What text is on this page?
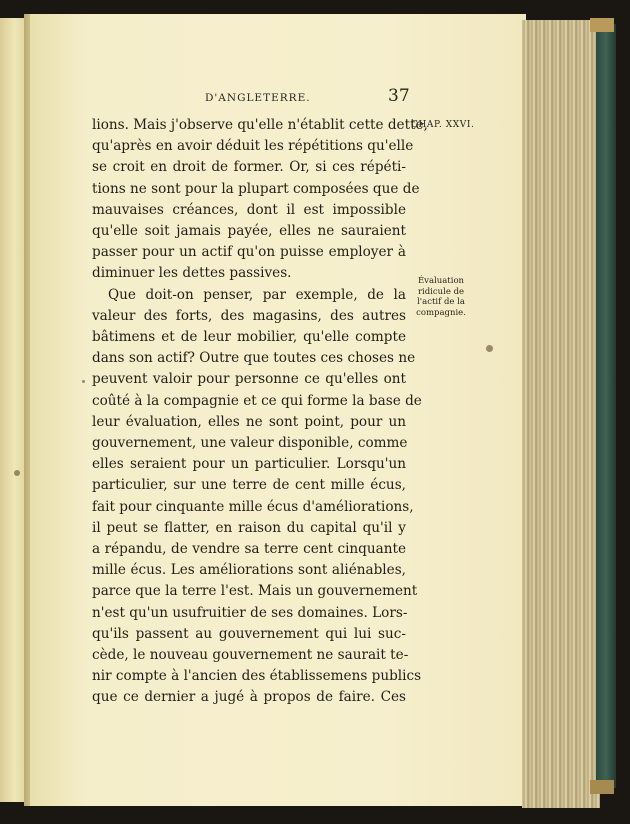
D'ANGLETERRE.	37
CHAP. XXVI.
Évaluation
ridicule de
l'actif de la
compagnie.
lions. Mais j'observe qu'elle n'établit cette dette,
qu'après en avoir déduit les répétitions qu'elle
se croit en droit de former. Or, si ces répéti-
tions ne sont pour la plupart composées que de
mauvaises créances, dont il est impossible
qu'elle soit jamais payée, elles ne sauraient
passer pour un actif qu'on puisse employer à
diminuer les dettes passives.
Que doit-on penser, par exemple, de la
valeur des forts, des magasins, des autres
bâtimens et de leur mobilier, qu'elle compte
dans son actif? Outre que toutes ces choses ne
peuvent valoir pour personne ce qu'elles ont
coûté à la compagnie et ce qui forme la base de
leur évaluation, elles ne sont point, pour un
gouvernement, une valeur disponible, comme
elles seraient pour un particulier. Lorsqu'un
particulier, sur une terre de cent mille écus,
fait pour cinquante mille écus d'améliorations,
il peut se flatter, en raison du capital qu'il y
a répandu, de vendre sa terre cent cinquante
mille écus. Les améliorations sont aliénables,
parce que la terre l'est. Mais un gouvernement
n'est qu'un usufruitier de ses domaines. Lors-
qu'ils passent au gouvernement qui lui suc-
cède, le nouveau gouvernement ne saurait te-
nir compte à l'ancien des établissemens publics
que ce dernier a jugé à propos de faire. Ces
